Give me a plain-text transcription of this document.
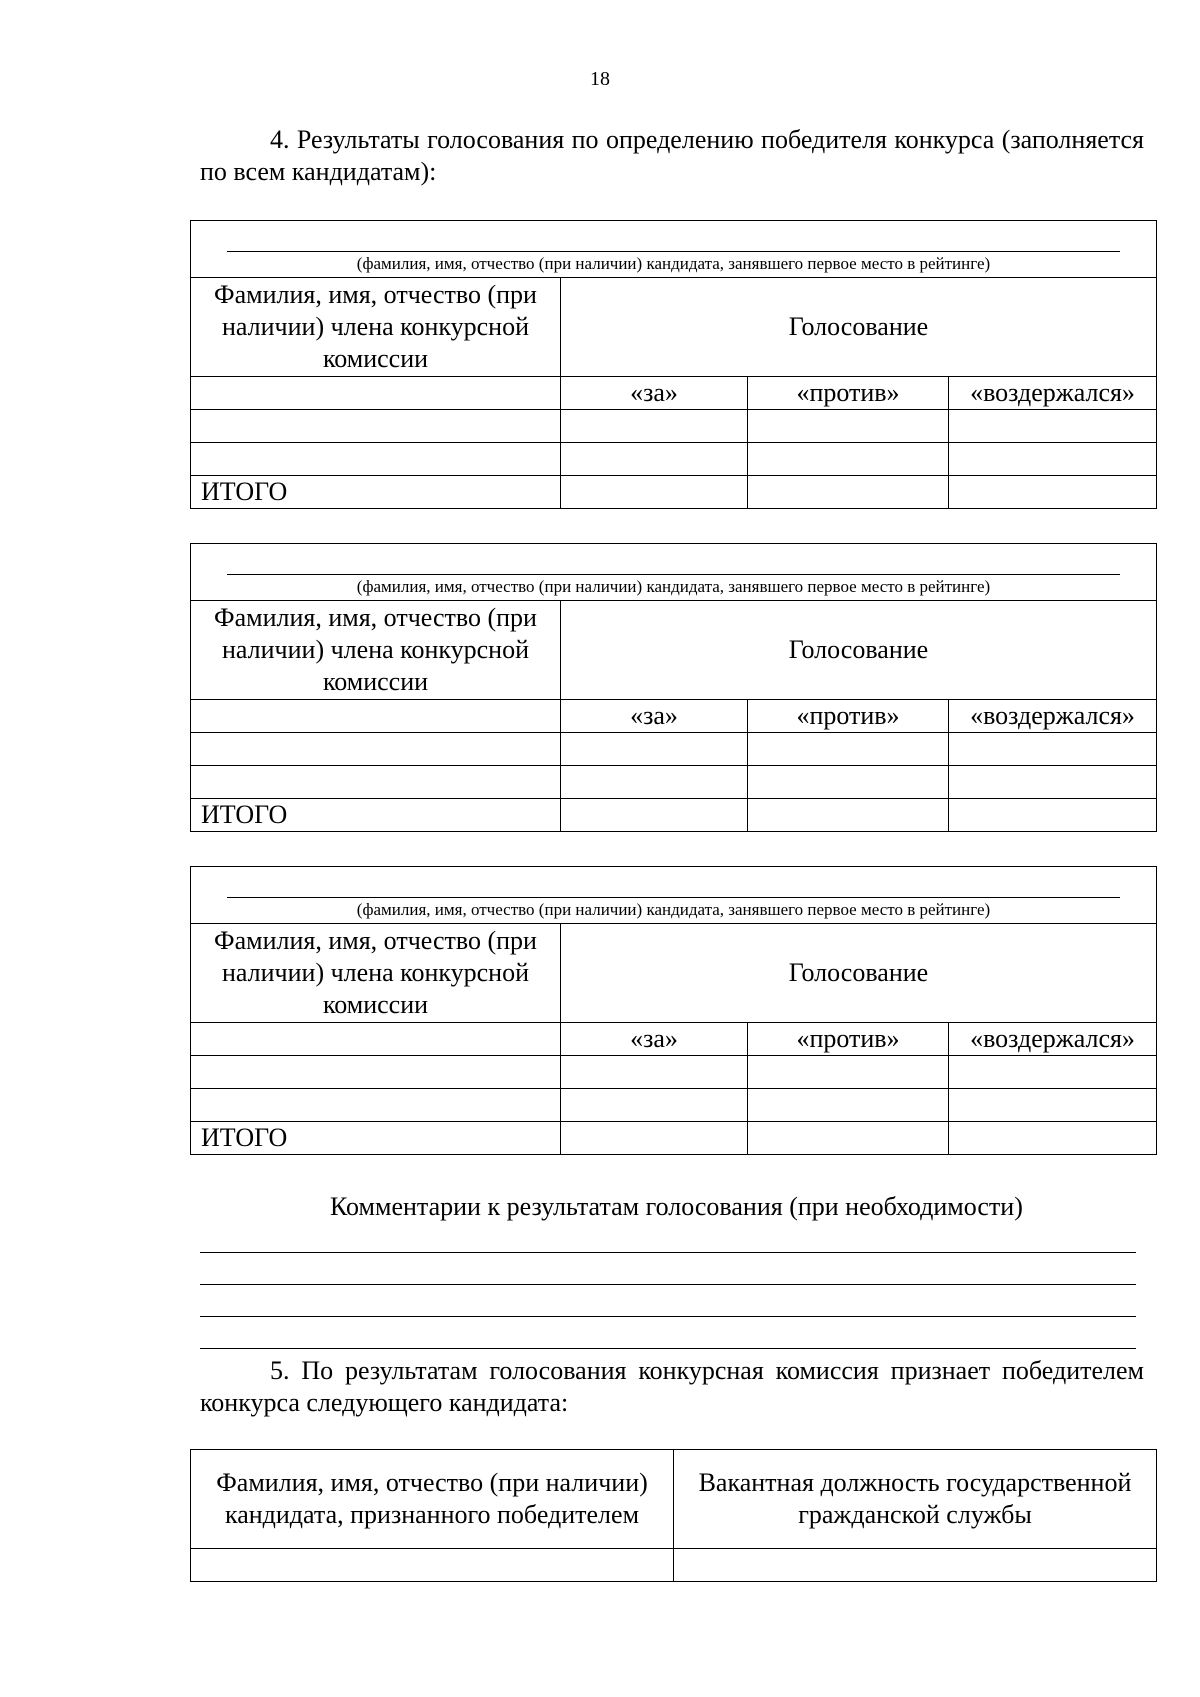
18
4. Результаты голосования по определению победителя конкурса (заполняется по всем кандидатам):
(фамилия, имя, отчество (при наличии) кандидата, занявшего первое место в рейтинге)			

Фамилия, имя, отчество (при наличии) члена конкурсной комиссии	Голосование		
	«за»	«против»	«воздержался»

ИТОГО			
(фамилия, имя, отчество (при наличии) кандидата, занявшего первое место в рейтинге)			

Фамилия, имя, отчество (при наличии) члена конкурсной комиссии	Голосование		
	«за»	«против»	«воздержался»

ИТОГО			
(фамилия, имя, отчество (при наличии) кандидата, занявшего первое место в рейтинге)			

Фамилия, имя, отчество (при наличии) члена конкурсной комиссии	Голосование		
	«за»	«против»	«воздержался»

ИТОГО			
Комментарии к результатам голосования (при необходимости)
5. По результатам голосования конкурсная комиссия признает победителем конкурса следующего кандидата:
Фамилия, имя, отчество (при наличии) кандидата, признанного победителем	Вакантная должность государственной гражданской службы
